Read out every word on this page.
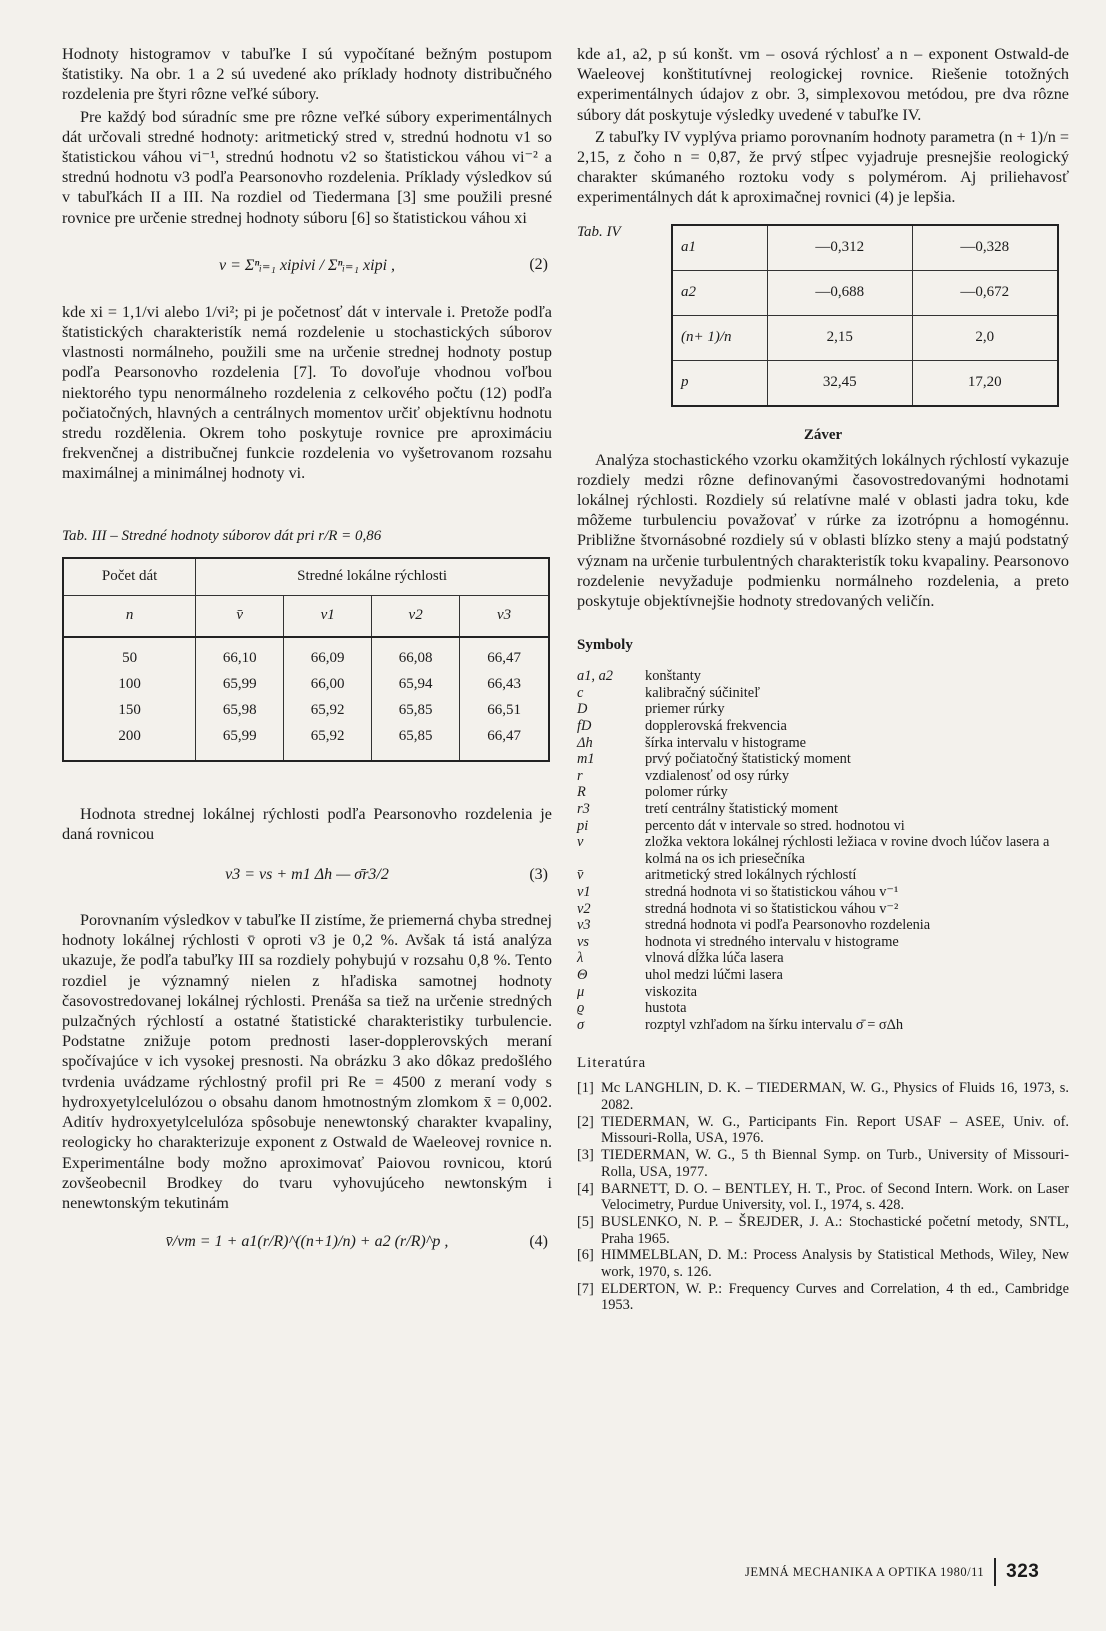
Hodnoty histogramov v tabuľke I sú vypočítané bežným postupom štatistiky. Na obr. 1 a 2 sú uvedené ako príklady hodnoty distribučného rozdelenia pre štyri rôzne veľké súbory.

Pre každý bod súradníc sme pre rôzne veľké súbory experimentálnych dát určovali stredné hodnoty: aritmetický stred v, strednú hodnotu v1 so štatistickou váhou vi⁻¹, strednú hodnotu v2 so štatistickou váhou vi⁻² a strednú hodnotu v3 podľa Pearsonovho rozdelenia. Príklady výsledkov sú v tabuľkách II a III. Na rozdiel od Tiedermana [3] sme použili presné rovnice pre určenie strednej hodnoty súboru [6] so štatistickou váhou xi

v = Σⁿᵢ₌₁ xipivi / Σⁿᵢ₌₁ xipi ,	(2)

kde xi = 1,1/vi alebo 1/vi²; pi je početnosť dát v intervale i. Pretože podľa štatistických charakteristík nemá rozdelenie u stochastických súborov vlastnosti normálneho, použili sme na určenie strednej hodnoty postup podľa Pearsonovho rozdelenia [7]. To dovoľuje vhodnou voľbou niektorého typu nenormálneho rozdelenia z celkového počtu (12) podľa počiatočných, hlavných a centrálnych momentov určiť objektívnu hodnotu stredu rozdělenia. Okrem toho poskytuje rovnice pre aproximáciu frekvenčnej a distribučnej funkcie rozdelenia vo vyšetrovanom rozsahu maximálnej a minimálnej hodnoty vi.

Tab. III – Stredné hodnoty súborov dát pri r/R = 0,86
Počet dát	Stredné lokálne rýchlosti			
n	v̄	v1	v2	v3

50	66,10	66,09	66,08	66,47
100	65,99	66,00	65,94	66,43
150	65,98	65,92	65,85	66,51
200	65,99	65,92	65,85	66,47

Hodnota strednej lokálnej rýchlosti podľa Pearsonovho rozdelenia je daná rovnicou

v3 = vs + m1 Δh — σ̄r3/2	(3)

Porovnaním výsledkov v tabuľke II zistíme, že priemerná chyba strednej hodnoty lokálnej rýchlosti v̄ oproti v3 je 0,2 %. Avšak tá istá analýza ukazuje, že podľa tabuľky III sa rozdiely pohybujú v rozsahu 0,8 %. Tento rozdiel je významný nielen z hľadiska samotnej hodnoty časovostredovanej lokálnej rýchlosti. Prenáša sa tiež na určenie stredných pulzačných rýchlostí a ostatné štatistické charakteristiky turbulencie. Podstatne znižuje potom prednosti laser-dopplerovských meraní spočívajúce v ich vysokej presnosti. Na obrázku 3 ako dôkaz predošlého tvrdenia uvádzame rýchlostný profil pri Re = 4500 z meraní vody s hydroxyetylcelulózou o obsahu danom hmotnostným zlomkom x̄ = 0,002. Aditív hydroxyetylcelulóza spôsobuje nenewtonský charakter kvapaliny, reologicky ho charakterizuje exponent z Ostwald de Waeleovej rovnice n. Experimentálne body možno aproximovať Paiovou rovnicou, ktorú zovšeobecnil Brodkey do tvaru vyhovujúceho newtonským i nenewtonským tekutinám

v̄/vm = 1 + a1(r/R)^((n+1)/n) + a2 (r/R)^p ,	(4)

kde a1, a2, p sú konšt. vm – osová rýchlosť a n – exponent Ostwald-de Waeleovej konštitutívnej reologickej rovnice. Riešenie totožných experimentálnych údajov z obr. 3, simplexovou metódou, pre dva rôzne súbory dát poskytuje výsledky uvedené v tabuľke IV.

Z tabuľky IV vyplýva priamo porovnaním hodnoty parametra (n + 1)/n = 2,15, z čoho n = 0,87, že prvý stĺpec vyjadruje presnejšie reologický charakter skúmaného roztoku vody s polymérom. Aj priliehavosť experimentálnych dát k aproximačnej rovnici (4) je lepšia.

Tab. IV
a1	—0,312	—0,328
a2	—0,688	—0,672
(n+ 1)/n	2,15	2,0
p	32,45	17,20
Záver

Analýza stochastického vzorku okamžitých lokálnych rýchlostí vykazuje rozdiely medzi rôzne definovanými časovostredovanými hodnotami lokálnej rýchlosti. Rozdiely sú relatívne malé v oblasti jadra toku, kde môžeme turbulenciu považovať v rúrke za izotrópnu a homogénnu. Približne štvornásobné rozdiely sú v oblasti blízko steny a majú podstatný význam na určenie turbulentných charakteristík toku kvapaliny. Pearsonovo rozdelenie nevyžaduje podmienku normálneho rozdelenia, a preto poskytuje objektívnejšie hodnoty stredovaných veličín.

Symboly
a1, a2	konštanty
c	kalibračný súčiniteľ
D	priemer rúrky
fD	dopplerovská frekvencia
Δh	šírka intervalu v histograme
m1	prvý počiatočný štatistický moment
r	vzdialenosť od osy rúrky
R	polomer rúrky
r3	tretí centrálny štatistický moment
pi	percento dát v intervale so stred. hodnotou vi
v	zložka vektora lokálnej rýchlosti ležiaca v rovine dvoch lúčov lasera a kolmá na os ich priesečníka
v̄	aritmetický stred lokálnych rýchlostí
v1	stredná hodnota vi so štatistickou váhou v⁻¹
v2	stredná hodnota vi so štatistickou váhou v⁻²
v3	stredná hodnota vi podľa Pearsonovho rozdelenia
vs	hodnota vi stredného intervalu v histograme
λ	vlnová dĺžka lúča lasera
Θ	uhol medzi lúčmi lasera
μ	viskozita
ϱ	hustota
σ	rozptyl vzhľadom na šírku intervalu σ̄ = σΔh
Literatúra
[1] Mc LANGHLIN, D. K. – TIEDERMAN, W. G., Physics of Fluids 16, 1973, s. 2082.
[2] TIEDERMAN, W. G., Participants Fin. Report USAF – ASEE, Univ. of. Missouri-Rolla, USA, 1976.
[3] TIEDERMAN, W. G., 5 th Biennal Symp. on Turb., University of Missouri-Rolla, USA, 1977.
[4] BARNETT, D. O. – BENTLEY, H. T., Proc. of Second Intern. Work. on Laser Velocimetry, Purdue University, vol. I., 1974, s. 428.
[5] BUSLENKO, N. P. – ŠREJDER, J. A.: Stochastické početní metody, SNTL, Praha 1965.
[6] HIMMELBLAN, D. M.: Process Analysis by Statistical Methods, Wiley, New work, 1970, s. 126.
[7] ELDERTON, W. P.: Frequency Curves and Correlation, 4 th ed., Cambridge 1953.
JEMNÁ MECHANIKA A OPTIKA 1980/11 323
